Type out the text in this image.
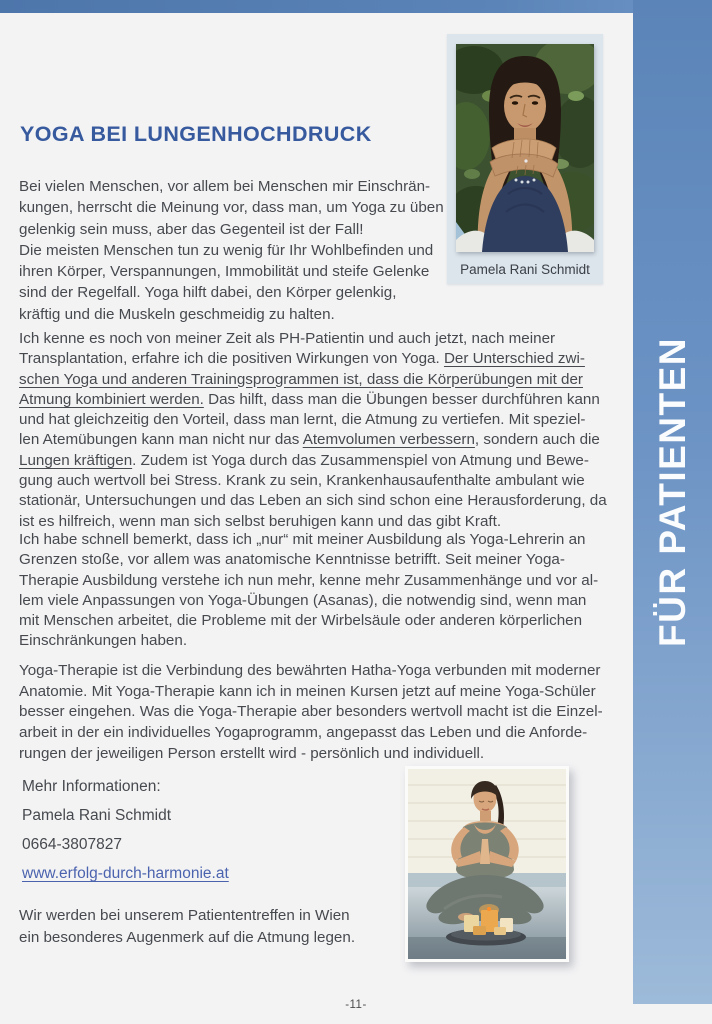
FÜR PATIENTEN
YOGA BEI LUNGENHOCHDRUCK
Pamela Rani Schmidt

Bei vielen Menschen, vor allem bei Menschen mir Einschrän-
kungen, herrscht die Meinung vor, dass man, um Yoga zu üben
gelenkig sein muss, aber das Gegenteil ist der Fall!
Die meisten Menschen tun zu wenig für Ihr Wohlbefinden und
ihren Körper, Verspannungen, Immobilität und steife Gelenke
sind der Regelfall. Yoga hilft dabei, den Körper gelenkig,
kräftig und die Muskeln geschmeidig zu halten.

Ich kenne es noch von meiner Zeit als PH-Patientin und auch jetzt, nach meiner
Transplantation, erfahre ich die positiven Wirkungen von Yoga. Der Unterschied zwi-
schen Yoga und anderen Trainingsprogrammen ist, dass die Körperübungen mit der
Atmung kombiniert werden. Das hilft, dass man die Übungen besser durchführen kann
und hat gleichzeitig den Vorteil, dass man lernt, die Atmung zu vertiefen. Mit speziel-
len Atemübungen kann man nicht nur das Atemvolumen verbessern, sondern auch die
Lungen kräftigen. Zudem ist Yoga durch das Zusammenspiel von Atmung und Bewe-
gung auch wertvoll bei Stress. Krank zu sein, Krankenhausaufenthalte ambulant wie
stationär, Untersuchungen und das Leben an sich sind schon eine Herausforderung, da
ist es hilfreich, wenn man sich selbst beruhigen kann und das gibt Kraft.

Ich habe schnell bemerkt, dass ich „nur“ mit meiner Ausbildung als Yoga-Lehrerin an
Grenzen stoße, vor allem was anatomische Kenntnisse betrifft. Seit meiner Yoga-
Therapie Ausbildung verstehe ich nun mehr, kenne mehr Zusammenhänge und vor al-
lem viele Anpassungen von Yoga-Übungen (Asanas), die notwendig sind, wenn man
mit Menschen arbeitet, die Probleme mit der Wirbelsäule oder anderen körperlichen
Einschränkungen haben.

Yoga-Therapie ist die Verbindung des bewährten Hatha-Yoga verbunden mit moderner
Anatomie. Mit Yoga-Therapie kann ich in meinen Kursen jetzt auf meine Yoga-Schüler
besser eingehen. Was die Yoga-Therapie aber besonders wertvoll macht ist die Einzel-
arbeit in der ein individuelles Yogaprogramm, angepasst das Leben und die Anforde-
rungen der jeweiligen Person erstellt wird - persönlich und individuell.

Mehr Informationen:

Pamela Rani Schmidt

0664-3807827

www.erfolg-durch-harmonie.at

Wir werden bei unserem Patiententreffen in Wien
ein besonderes Augenmerk auf die Atmung legen.

-11-
